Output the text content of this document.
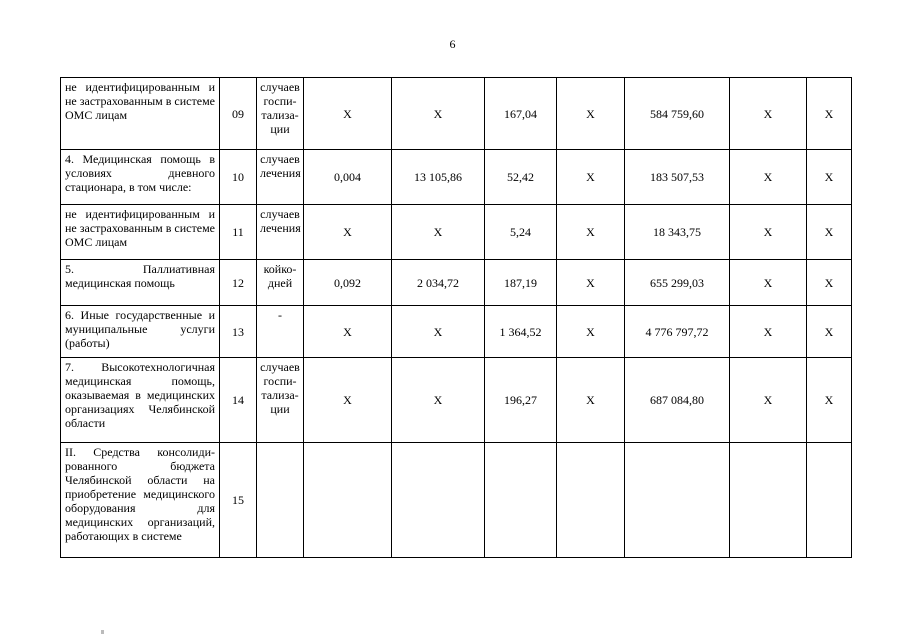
6
не идентифицированным и не застрахованным в системе ОМС лицам	09	случаев госпитализации	Х	Х	167,04	Х	584 759,60	Х	Х
4. Медицинская помощь в условиях дневного стационара, в том числе:	10	случаев лечения	0,004	13 105,86	52,42	Х	183 507,53	Х	Х
не идентифицированным и не застрахованным в системе ОМС лицам	11	случаев лечения	Х	Х	5,24	Х	18 343,75	Х	Х
5. Паллиативная медицинская помощь	12	койко-дней	0,092	2 034,72	187,19	Х	655 299,03	Х	Х
6. Иные государственные и муниципальные услуги (работы)	13	-	Х	Х	1 364,52	Х	4 776 797,72	Х	Х
7. Высокотехнологичная медицинская помощь, оказываемая в медицинских организациях Челябинской области	14	случаев госпитализации	Х	Х	196,27	Х	687 084,80	Х	Х
II. Средства консолидированного бюджета Челябинской области на приобретение медицинского оборудования для медицинских организаций, работающих в системе	15								
